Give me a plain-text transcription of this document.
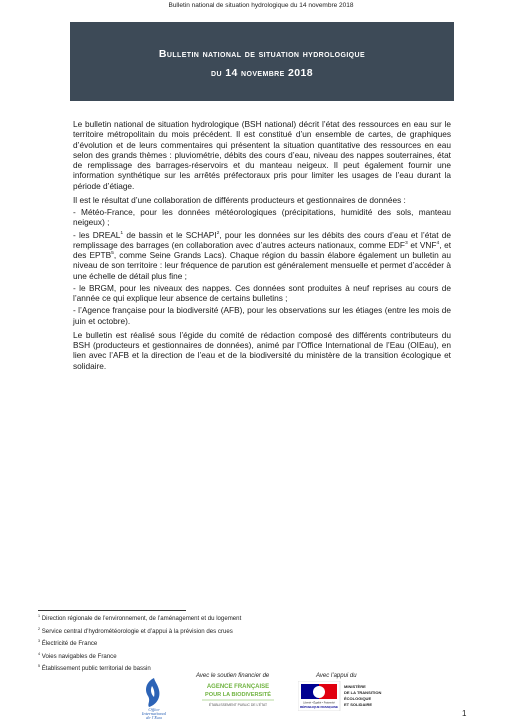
Bulletin national de situation hydrologique du 14 novembre 2018
Bulletin national de situation hydrologique
du 14 novembre 2018

Le bulletin national de situation hydrologique (BSH national) décrit l’état des ressources en eau sur le territoire métropolitain du mois précédent. Il est constitué d’un ensemble de cartes, de graphiques d’évolution et de leurs commentaires qui présentent la situation quantitative des ressources en eau selon des grands thèmes : pluviométrie, débits des cours d’eau, niveau des nappes souterraines, état de remplissage des barrages-réservoirs et du manteau neigeux. Il peut également fournir une information synthétique sur les arrêtés préfectoraux pris pour limiter les usages de l’eau durant la période d’étiage.

Il est le résultat d’une collaboration de différents producteurs et gestionnaires de données :

- Météo-France, pour les données météorologiques (précipitations, humidité des sols, manteau neigeux) ;

- les DREAL$^1$ de bassin et le SCHAPI$^2$, pour les données sur les débits des cours d’eau et l’état de remplissage des barrages (en collaboration avec d’autres acteurs nationaux, comme EDF$^3$ et VNF$^4$, et des EPTB$^5$, comme Seine Grands Lacs). Chaque région du bassin élabore également un bulletin au niveau de son territoire : leur fréquence de parution est généralement mensuelle et permet d’accéder à une échelle de détail plus fine ;

- le BRGM, pour les niveaux des nappes. Ces données sont produites à neuf reprises au cours de l’année ce qui explique leur absence de certains bulletins ;

- l’Agence française pour la biodiversité (AFB), pour les observations sur les étiages (entre les mois de juin et octobre).

Le bulletin est réalisé sous l’égide du comité de rédaction composé des différents contributeurs du BSH (producteurs et gestionnaires de données), animé par l’Office International de l’Eau (OIEau), en lien avec l’AFB et la direction de l’eau et de la biodiversité du ministère de la transition écologique et solidaire.

$^1$ Direction régionale de l’environnement, de l’aménagement et du logement
$^2$ Service central d’hydrométéorologie et d’appui à la prévision des crues
$^3$ Électricité de France
$^4$ Voies navigables de France
$^5$ Établissement public territorial de bassin
Avec le soutien financier de	Avec l’appui du
Office
International
de l’Eau
AGENCE FRANÇAISE
POUR LA BIODIVERSITÉ
ÉTABLISSEMENT PUBLIC DE L’ÉTAT	Liberté • Égalité • Fraternité
RÉPUBLIQUE FRANÇAISE
MINISTÈRE
DE LA TRANSITION
ÉCOLOGIQUE
ET SOLIDAIRE
1
